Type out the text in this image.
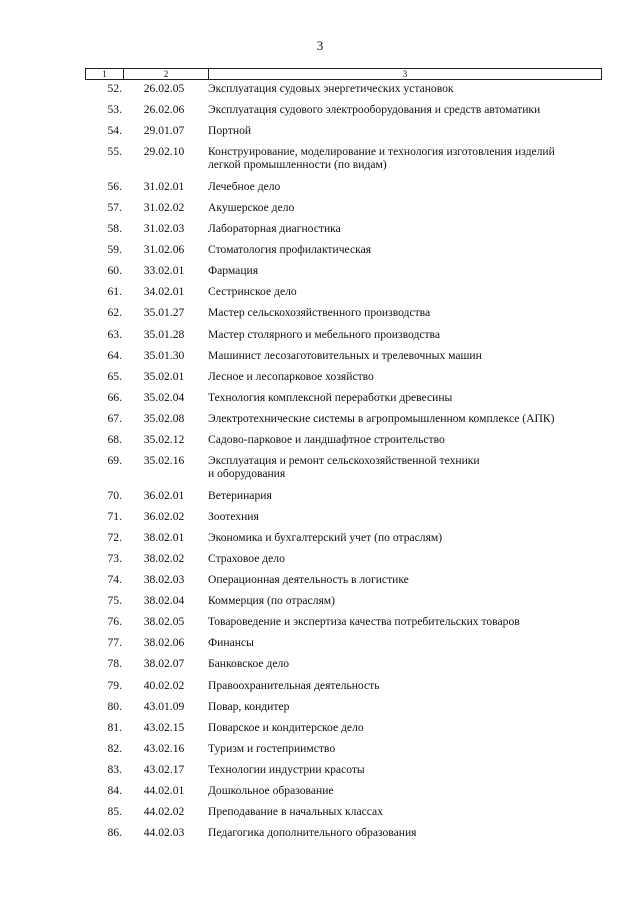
3
1	2	3
52.	26.02.05	Эксплуатация судовых энергетических установок
53.	26.02.06	Эксплуатация судового электрооборудования и средств автоматики
54.	29.01.07	Портной
55.	29.02.10	Конструирование, моделирование и технология изготовления изделий
легкой промышленности (по видам)
56.	31.02.01	Лечебное дело
57.	31.02.02	Акушерское дело
58.	31.02.03	Лабораторная диагностика
59.	31.02.06	Стоматология профилактическая
60.	33.02.01	Фармация
61.	34.02.01	Сестринское дело
62.	35.01.27	Мастер сельскохозяйственного производства
63.	35.01.28	Мастер столярного и мебельного производства
64.	35.01.30	Машинист лесозаготовительных и трелевочных машин
65.	35.02.01	Лесное и лесопарковое хозяйство
66.	35.02.04	Технология комплексной переработки древесины
67.	35.02.08	Электротехнические системы в агропромышленном комплексе (АПК)
68.	35.02.12	Садово-парковое и ландшафтное строительство
69.	35.02.16	Эксплуатация и ремонт сельскохозяйственной техники
и оборудования
70.	36.02.01	Ветеринария
71.	36.02.02	Зоотехния
72.	38.02.01	Экономика и бухгалтерский учет (по отраслям)
73.	38.02.02	Страховое дело
74.	38.02.03	Операционная деятельность в логистике
75.	38.02.04	Коммерция (по отраслям)
76.	38.02.05	Товароведение и экспертиза качества потребительских товаров
77.	38.02.06	Финансы
78.	38.02.07	Банковское дело
79.	40.02.02	Правоохранительная деятельность
80.	43.01.09	Повар, кондитер
81.	43.02.15	Поварское и кондитерское дело
82.	43.02.16	Туризм и гостеприимство
83.	43.02.17	Технологии индустрии красоты
84.	44.02.01	Дошкольное образование
85.	44.02.02	Преподавание в начальных классах
86.	44.02.03	Педагогика дополнительного образования
